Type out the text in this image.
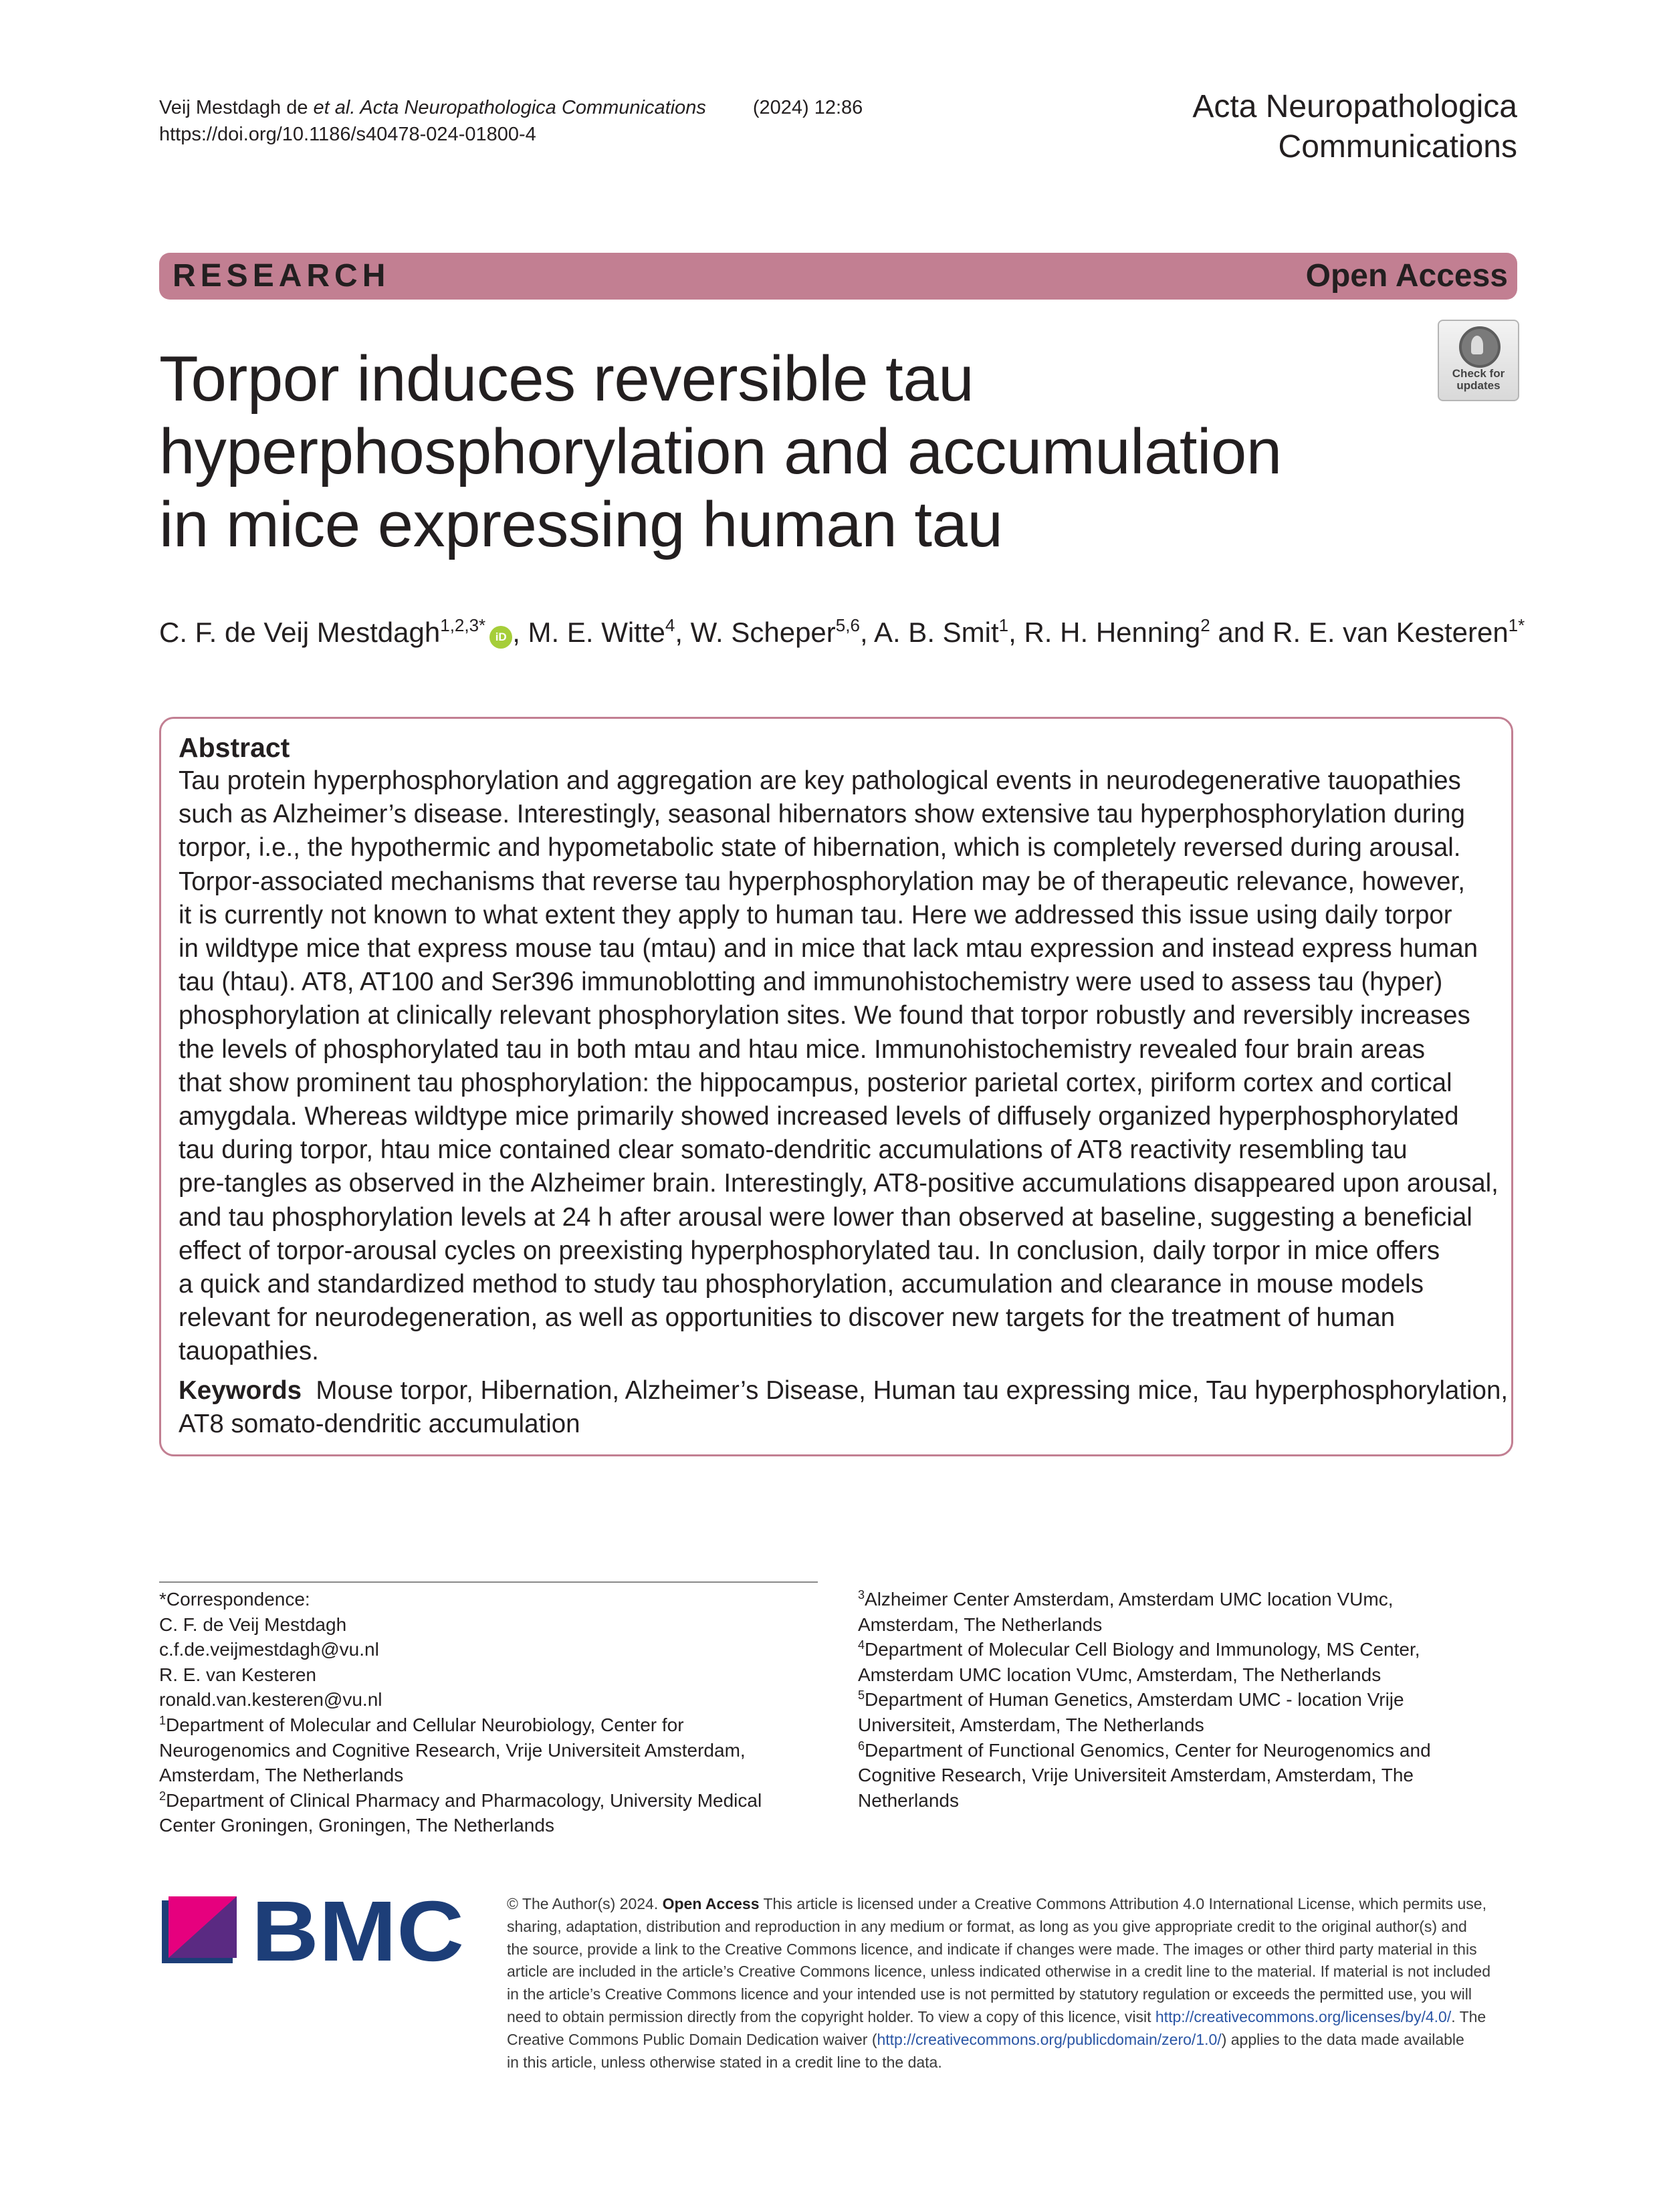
Veij Mestdagh de et al. Acta Neuropathologica Communications (2024) 12:86
https://doi.org/10.1186/s40478-024-01800-4
Acta Neuropathologica
Communications
RESEARCH	Open Access
Check for
updates
Torpor induces reversible tau
hyperphosphorylation and accumulation
in mice expressing human tau
C. F. de Veij Mestdagh$^{1,2,3*}$iD , M. E. Witte$^4$, W. Scheper$^{5,6}$, A. B. Smit$^1$, R. H. Henning$^2$ and R. E. van Kesteren$^{1*}$
Abstract
Tau protein hyperphosphorylation and aggregation are key pathological events in neurodegenerative tauopathies
such as Alzheimer’s disease. Interestingly, seasonal hibernators show extensive tau hyperphosphorylation during
torpor, i.e., the hypothermic and hypometabolic state of hibernation, which is completely reversed during arousal.
Torpor-associated mechanisms that reverse tau hyperphosphorylation may be of therapeutic relevance, however,
it is currently not known to what extent they apply to human tau. Here we addressed this issue using daily torpor
in wildtype mice that express mouse tau (mtau) and in mice that lack mtau expression and instead express human
tau (htau). AT8, AT100 and Ser396 immunoblotting and immunohistochemistry were used to assess tau (hyper)
phosphorylation at clinically relevant phosphorylation sites. We found that torpor robustly and reversibly increases
the levels of phosphorylated tau in both mtau and htau mice. Immunohistochemistry revealed four brain areas
that show prominent tau phosphorylation: the hippocampus, posterior parietal cortex, piriform cortex and cortical
amygdala. Whereas wildtype mice primarily showed increased levels of diffusely organized hyperphosphorylated
tau during torpor, htau mice contained clear somato-dendritic accumulations of AT8 reactivity resembling tau
pre-tangles as observed in the Alzheimer brain. Interestingly, AT8-positive accumulations disappeared upon arousal,
and tau phosphorylation levels at 24 h after arousal were lower than observed at baseline, suggesting a beneficial
effect of torpor-arousal cycles on preexisting hyperphosphorylated tau. In conclusion, daily torpor in mice offers
a quick and standardized method to study tau phosphorylation, accumulation and clearance in mouse models
relevant for neurodegeneration, as well as opportunities to discover new targets for the treatment of human
tauopathies.
Keywords Mouse torpor, Hibernation, Alzheimer’s Disease, Human tau expressing mice, Tau hyperphosphorylation,
AT8 somato-dendritic accumulation
*Correspondence:
C. F. de Veij Mestdagh
c.f.de.veijmestdagh@vu.nl
R. E. van Kesteren
ronald.van.kesteren@vu.nl
$^1$Department of Molecular and Cellular Neurobiology, Center for
Neurogenomics and Cognitive Research, Vrije Universiteit Amsterdam,
Amsterdam, The Netherlands
$^2$Department of Clinical Pharmacy and Pharmacology, University Medical
Center Groningen, Groningen, The Netherlands
$^3$Alzheimer Center Amsterdam, Amsterdam UMC location VUmc,
Amsterdam, The Netherlands
$^4$Department of Molecular Cell Biology and Immunology, MS Center,
Amsterdam UMC location VUmc, Amsterdam, The Netherlands
$^5$Department of Human Genetics, Amsterdam UMC - location Vrije
Universiteit, Amsterdam, The Netherlands
$^6$Department of Functional Genomics, Center for Neurogenomics and
Cognitive Research, Vrije Universiteit Amsterdam, Amsterdam, The
Netherlands
BMC	© The Author(s) 2024. Open Access This article is licensed under a Creative Commons Attribution 4.0 International License, which permits use,
sharing, adaptation, distribution and reproduction in any medium or format, as long as you give appropriate credit to the original author(s) and
the source, provide a link to the Creative Commons licence, and indicate if changes were made. The images or other third party material in this
article are included in the article’s Creative Commons licence, unless indicated otherwise in a credit line to the material. If material is not included
in the article’s Creative Commons licence and your intended use is not permitted by statutory regulation or exceeds the permitted use, you will
need to obtain permission directly from the copyright holder. To view a copy of this licence, visit http://creativecommons.org/licenses/by/4.0/. The
Creative Commons Public Domain Dedication waiver (http://creativecommons.org/publicdomain/zero/1.0/) applies to the data made available
in this article, unless otherwise stated in a credit line to the data.
